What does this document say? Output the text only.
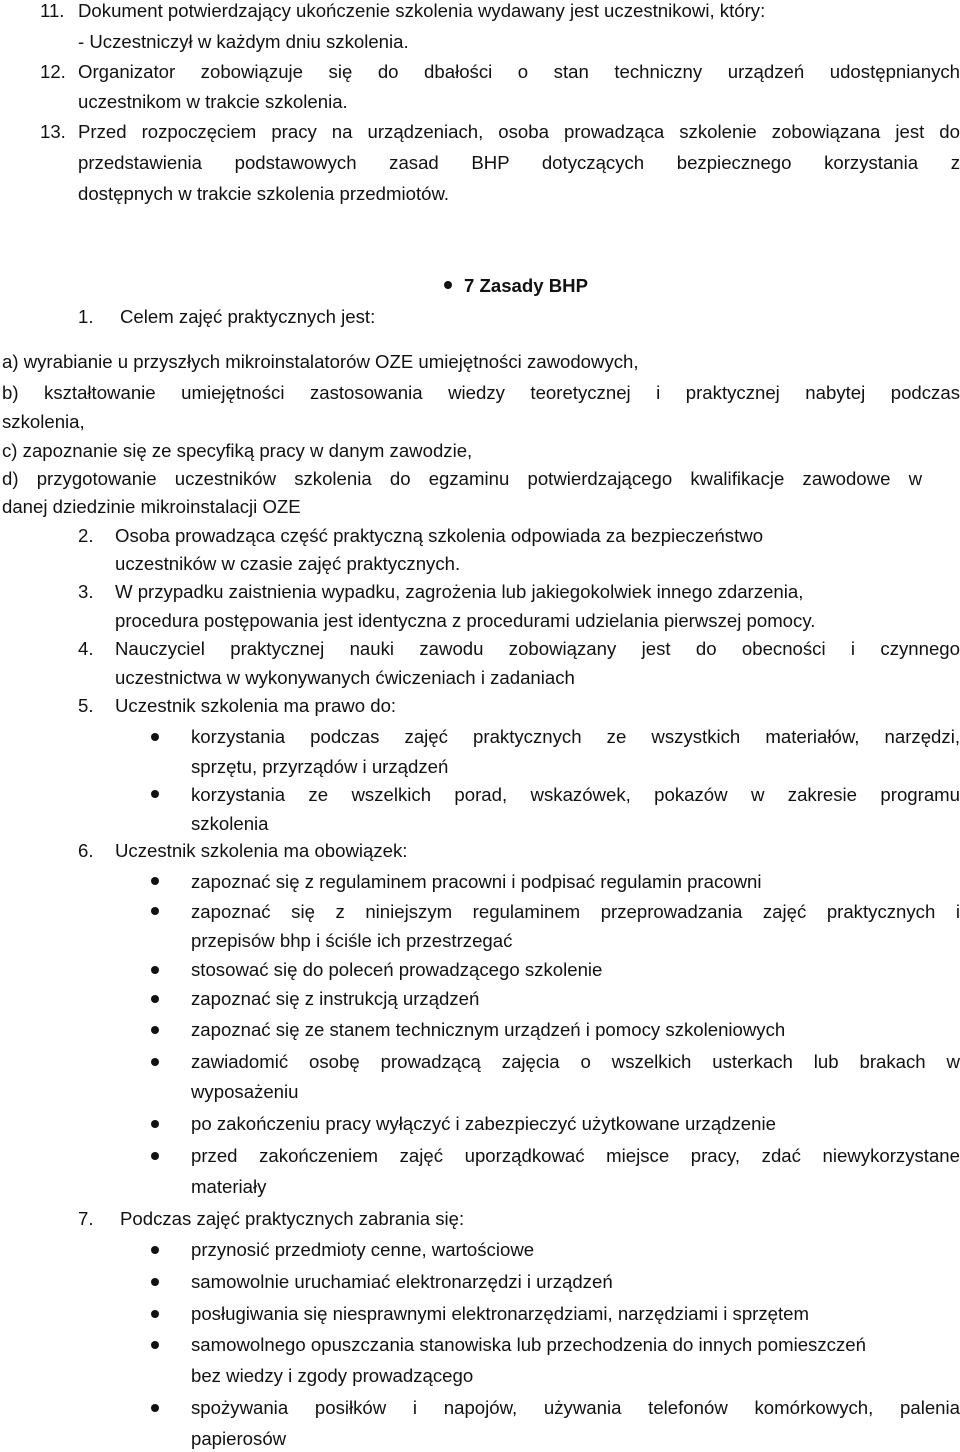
11. Dokument potwierdzający ukończenie szkolenia wydawany jest uczestnikowi, który:
- Uczestniczył w każdym dniu szkolenia.
12. Organizator zobowiązuje się do dbałości o stan techniczny urządzeń udostępnianych
uczestnikom w trakcie szkolenia.
13. Przed rozpoczęciem pracy na urządzeniach, osoba prowadząca szkolenie zobowiązana jest do
przedstawienia podstawowych zasad BHP dotyczących bezpiecznego korzystania z
dostępnych w trakcie szkolenia przedmiotów.
7 Zasady BHP
1. Celem zajęć praktycznych jest:
a) wyrabianie u przyszłych mikroinstalatorów OZE umiejętności zawodowych,
b) kształtowanie umiejętności zastosowania wiedzy teoretycznej i praktycznej nabytej podczas
szkolenia,
c) zapoznanie się ze specyfiką pracy w danym zawodzie,
d) przygotowanie uczestników szkolenia do egzaminu potwierdzającego kwalifikacje zawodowe w
danej dziedzinie mikroinstalacji OZE
2. Osoba prowadząca część praktyczną szkolenia odpowiada za bezpieczeństwo
uczestników w czasie zajęć praktycznych.
3. W przypadku zaistnienia wypadku, zagrożenia lub jakiegokolwiek innego zdarzenia,
procedura postępowania jest identyczna z procedurami udzielania pierwszej pomocy.
4. Nauczyciel praktycznej nauki zawodu zobowiązany jest do obecności i czynnego
uczestnictwa w wykonywanych ćwiczeniach i zadaniach
5. Uczestnik szkolenia ma prawo do:
korzystania podczas zajęć praktycznych ze wszystkich materiałów, narzędzi,
sprzętu, przyrządów i urządzeń
korzystania ze wszelkich porad, wskazówek, pokazów w zakresie programu
szkolenia
6. Uczestnik szkolenia ma obowiązek:
zapoznać się z regulaminem pracowni i podpisać regulamin pracowni
zapoznać się z niniejszym regulaminem przeprowadzania zajęć praktycznych i
przepisów bhp i ściśle ich przestrzegać
stosować się do poleceń prowadzącego szkolenie
zapoznać się z instrukcją urządzeń
zapoznać się ze stanem technicznym urządzeń i pomocy szkoleniowych
zawiadomić osobę prowadzącą zajęcia o wszelkich usterkach lub brakach w
wyposażeniu
po zakończeniu pracy wyłączyć i zabezpieczyć użytkowane urządzenie
przed zakończeniem zajęć uporządkować miejsce pracy, zdać niewykorzystane
materiały
7. Podczas zajęć praktycznych zabrania się:
przynosić przedmioty cenne, wartościowe
samowolnie uruchamiać elektronarzędzi i urządzeń
posługiwania się niesprawnymi elektronarzędziami, narzędziami i sprzętem
samowolnego opuszczania stanowiska lub przechodzenia do innych pomieszczeń
bez wiedzy i zgody prowadzącego
spożywania posiłków i napojów, używania telefonów komórkowych, palenia
papierosów
